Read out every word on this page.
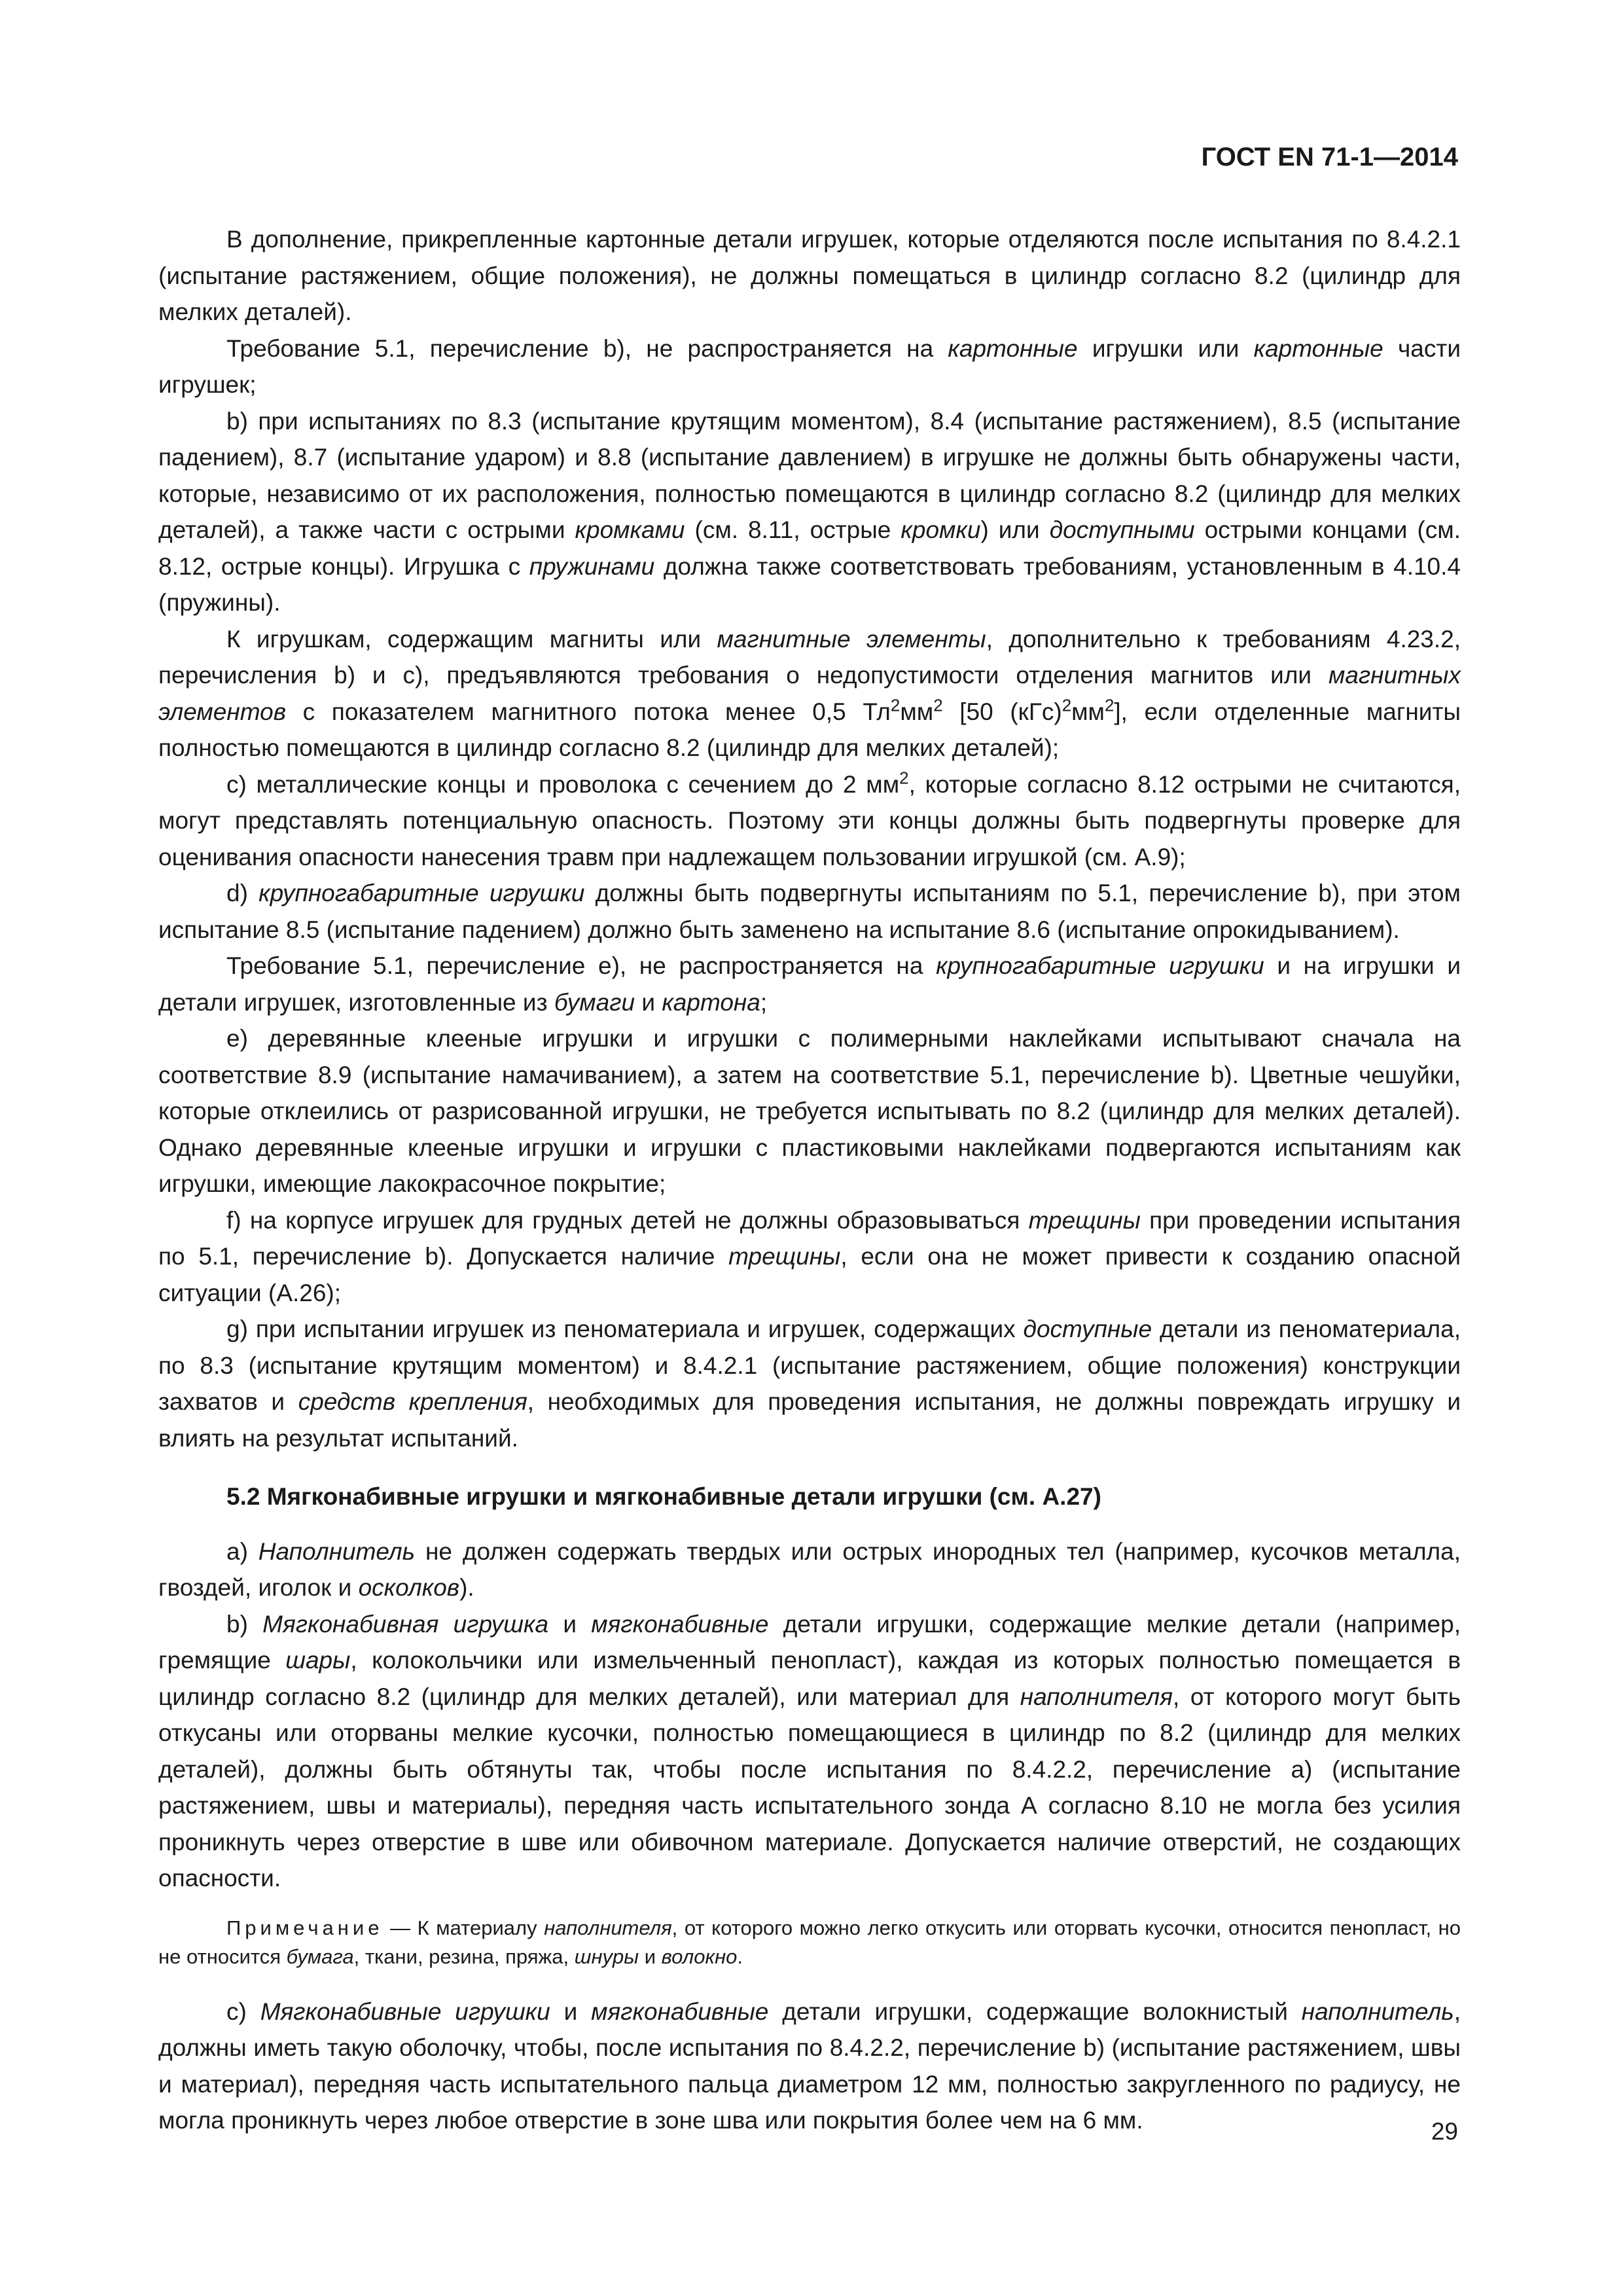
ГОСТ EN 71-1—2014

В дополнение, прикрепленные картонные детали игрушек, которые отделяются после испытания по 8.4.2.1 (испытание растяжением, общие положения), не должны помещаться в цилиндр согласно 8.2 (цилиндр для мелких деталей).

Требование 5.1, перечисление b), не распространяется на картонные игрушки или картонные части игрушек;

b) при испытаниях по 8.3 (испытание крутящим моментом), 8.4 (испытание растяжением), 8.5 (испытание падением), 8.7 (испытание ударом) и 8.8 (испытание давлением) в игрушке не должны быть обнаружены части, которые, независимо от их расположения, полностью помещаются в цилиндр согласно 8.2 (цилиндр для мелких деталей), а также части с острыми кромками (см. 8.11, острые кромки) или доступными острыми концами (см. 8.12, острые концы). Игрушка с пружинами должна также соответствовать требованиям, установленным в 4.10.4 (пружины).

К игрушкам, содержащим магниты или магнитные элементы, дополнительно к требованиям 4.23.2, перечисления b) и с), предъявляются требования о недопустимости отделения магнитов или магнитных элементов с показателем магнитного потока менее 0,5 $Тл^2мм^2$ [50 $(кГс)^2мм^2$], если отделенные магниты полностью помещаются в цилиндр согласно 8.2 (цилиндр для мелких деталей);

с) металлические концы и проволока с сечением до 2 $мм^2$, которые согласно 8.12 острыми не считаются, могут представлять потенциальную опасность. Поэтому эти концы должны быть подвергнуты проверке для оценивания опасности нанесения травм при надлежащем пользовании игрушкой (см. А.9);

d) крупногабаритные игрушки должны быть подвергнуты испытаниям по 5.1, перечисление b), при этом испытание 8.5 (испытание падением) должно быть заменено на испытание 8.6 (испытание опрокидыванием).

Требование 5.1, перечисление е), не распространяется на крупногабаритные игрушки и на игрушки и детали игрушек, изготовленные из бумаги и картона;

е) деревянные клееные игрушки и игрушки с полимерными наклейками испытывают сначала на соответствие 8.9 (испытание намачиванием), а затем на соответствие 5.1, перечисление b). Цветные чешуйки, которые отклеились от разрисованной игрушки, не требуется испытывать по 8.2 (цилиндр для мелких деталей). Однако деревянные клееные игрушки и игрушки с пластиковыми наклейками подвергаются испытаниям как игрушки, имеющие лакокрасочное покрытие;

f) на корпусе игрушек для грудных детей не должны образовываться трещины при проведении испытания по 5.1, перечисление b). Допускается наличие трещины, если она не может привести к созданию опасной ситуации (А.26);

g) при испытании игрушек из пеноматериала и игрушек, содержащих доступные детали из пеноматериала, по 8.3 (испытание крутящим моментом) и 8.4.2.1 (испытание растяжением, общие положения) конструкции захватов и средств крепления, необходимых для проведения испытания, не должны повреждать игрушку и влиять на результат испытаний.

5.2 Мягконабивные игрушки и мягконабивные детали игрушки (см. А.27)

а) Наполнитель не должен содержать твердых или острых инородных тел (например, кусочков металла, гвоздей, иголок и осколков).

b) Мягконабивная игрушка и мягконабивные детали игрушки, содержащие мелкие детали (например, гремящие шары, колокольчики или измельченный пенопласт), каждая из которых полностью помещается в цилиндр согласно 8.2 (цилиндр для мелких деталей), или материал для наполнителя, от которого могут быть откусаны или оторваны мелкие кусочки, полностью помещающиеся в цилиндр по 8.2 (цилиндр для мелких деталей), должны быть обтянуты так, чтобы после испытания по 8.4.2.2, перечисление а) (испытание растяжением, швы и материалы), передняя часть испытательного зонда А согласно 8.10 не могла без усилия проникнуть через отверстие в шве или обивочном материале. Допускается наличие отверстий, не создающих опасности.

Примечание — К материалу наполнителя, от которого можно легко откусить или оторвать кусочки, относится пенопласт, но не относится бумага, ткани, резина, пряжа, шнуры и волокно.

с) Мягконабивные игрушки и мягконабивные детали игрушки, содержащие волокнистый наполнитель, должны иметь такую оболочку, чтобы, после испытания по 8.4.2.2, перечисление b) (испытание растяжением, швы и материал), передняя часть испытательного пальца диаметром 12 мм, полностью закругленного по радиусу, не могла проникнуть через любое отверстие в зоне шва или покрытия более чем на 6 мм.	29
